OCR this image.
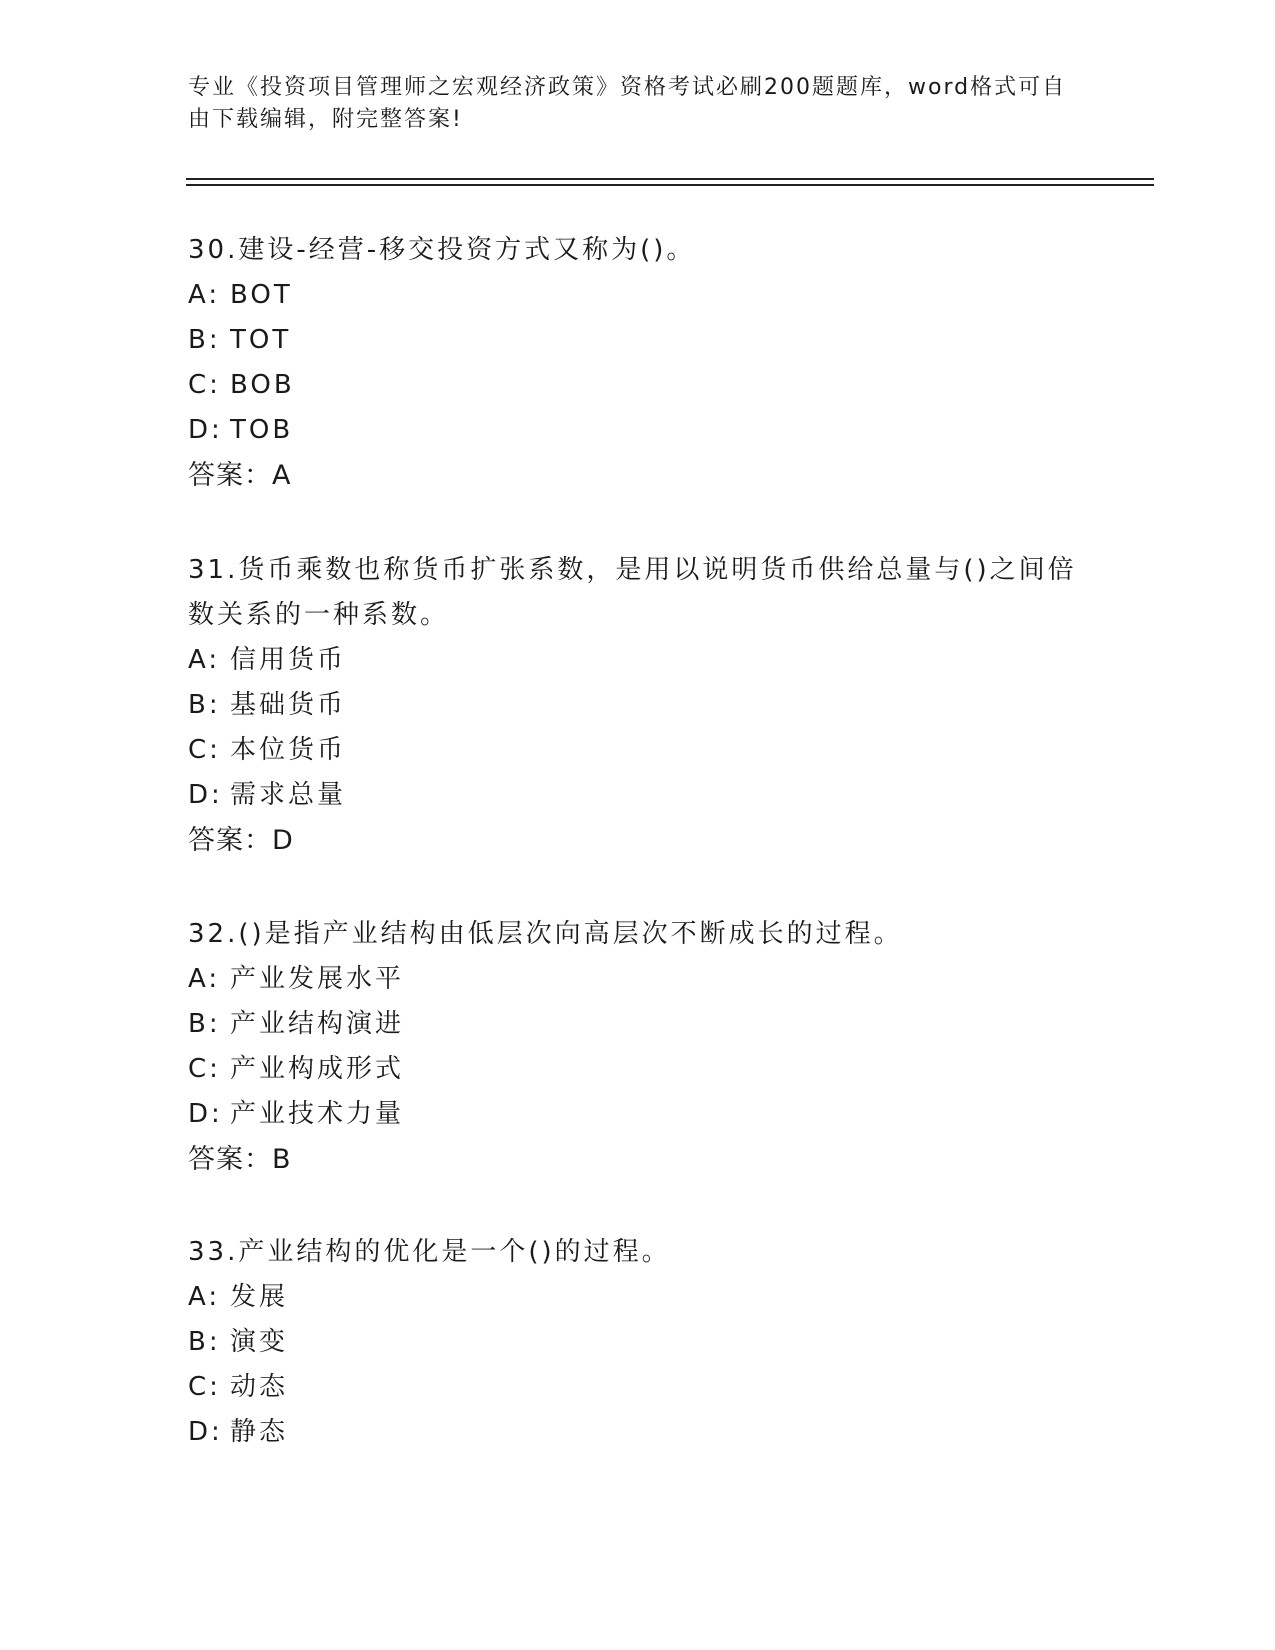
专业《投资项目管理师之宏观经济政策》资格考试必刷200题题库，word格式可自由下载编辑，附完整答案!

30.建设-经营-移交投资方式又称为()。

A: BOT
B: TOT
C: BOB
D: TOB
答案：A

31.货币乘数也称货币扩张系数，是用以说明货币供给总量与()之间倍数关系的一种系数。

A: 信用货币
B: 基础货币
C: 本位货币
D: 需求总量
答案：D

32.()是指产业结构由低层次向高层次不断成长的过程。

A: 产业发展水平
B: 产业结构演进
C: 产业构成形式
D: 产业技术力量
答案：B

33.产业结构的优化是一个()的过程。

A: 发展
B: 演变
C: 动态
D: 静态
